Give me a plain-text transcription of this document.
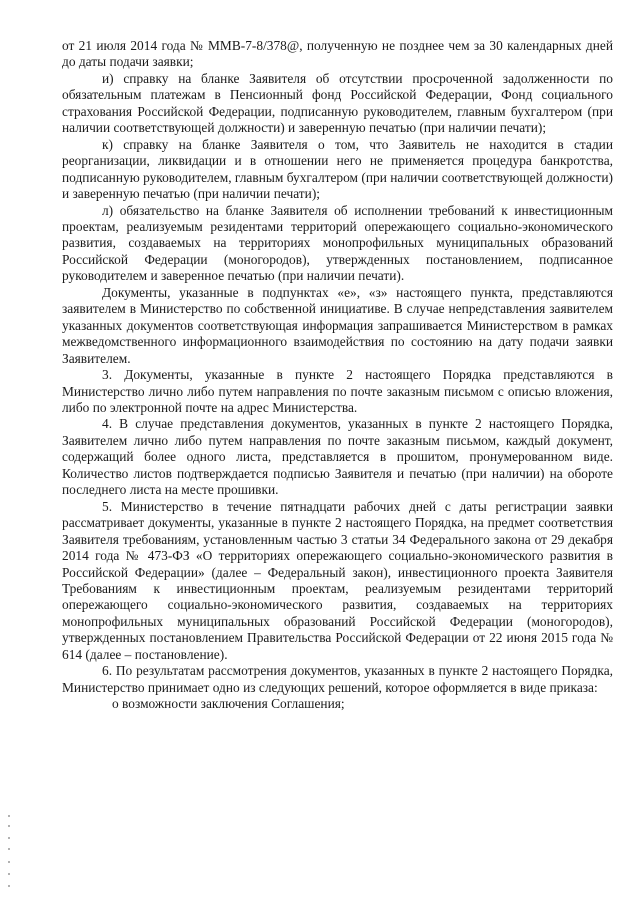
от 21 июля 2014 года № ММВ-7-8/378@, полученную не позднее чем за 30 календарных дней до даты подачи заявки;

и) справку на бланке Заявителя об отсутствии просроченной задолженности по обязательным платежам в Пенсионный фонд Российской Федерации, Фонд социального страхования Российской Федерации, подписанную руководителем, главным бухгалтером (при наличии соответствующей должности) и заверенную печатью (при наличии печати);

к) справку на бланке Заявителя о том, что Заявитель не находится в стадии реорганизации, ликвидации и в отношении него не применяется процедура банкротства, подписанную руководителем, главным бухгалтером (при наличии соответствующей должности) и заверенную печатью (при наличии печати);

л) обязательство на бланке Заявителя об исполнении требований к инвестиционным проектам, реализуемым резидентами территорий опережающего социально-экономического развития, создаваемых на территориях монопрофильных муниципальных образований Российской Федерации (моногородов), утвержденных постановлением, подписанное руководителем и заверенное печатью (при наличии печати).

Документы, указанные в подпунктах «е», «з» настоящего пункта, представляются заявителем в Министерство по собственной инициативе. В случае непредставления заявителем указанных документов соответствующая информация запрашивается Министерством в рамках межведомственного информационного взаимодействия по состоянию на дату подачи заявки Заявителем.

3. Документы, указанные в пункте 2 настоящего Порядка представляются в Министерство лично либо путем направления по почте заказным письмом с описью вложения, либо по электронной почте на адрес Министерства.

4. В случае представления документов, указанных в пункте 2 настоящего Порядка, Заявителем лично либо путем направления по почте заказным письмом, каждый документ, содержащий более одного листа, представляется в прошитом, пронумерованном виде. Количество листов подтверждается подписью Заявителя и печатью (при наличии) на обороте последнего листа на месте прошивки.

5. Министерство в течение пятнадцати рабочих дней с даты регистрации заявки рассматривает документы, указанные в пункте 2 настоящего Порядка, на предмет соответствия Заявителя требованиям, установленным частью 3 статьи 34 Федерального закона от 29 декабря 2014 года № 473-ФЗ «О территориях опережающего социально-экономического развития в Российской Федерации» (далее – Федеральный закон), инвестиционного проекта Заявителя Требованиям к инвестиционным проектам, реализуемым резидентами территорий опережающего социально-экономического развития, создаваемых на территориях монопрофильных муниципальных образований Российской Федерации (моногородов), утвержденных постановлением Правительства Российской Федерации от 22 июня 2015 года № 614 (далее – постановление).

6. По результатам рассмотрения документов, указанных в пункте 2 настоящего Порядка, Министерство принимает одно из следующих решений, которое оформляется в виде приказа:

о возможности заключения Соглашения;
